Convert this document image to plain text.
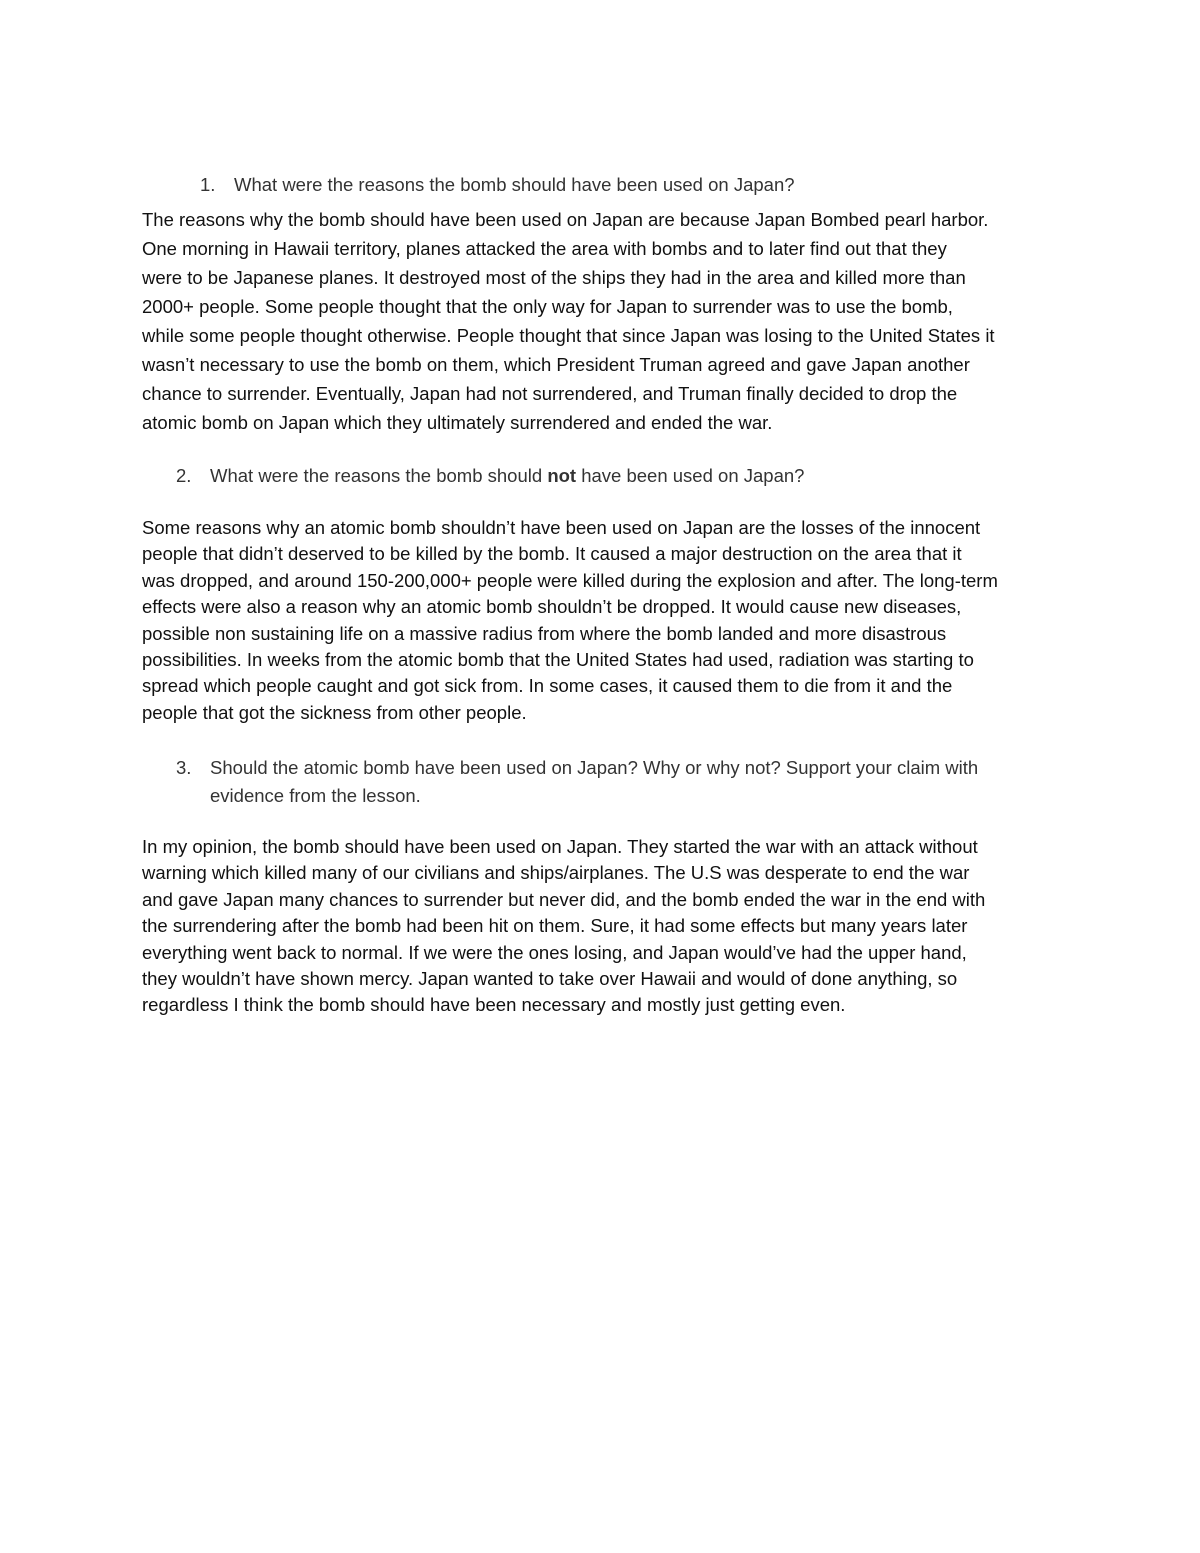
1.	What were the reasons the bomb should have been used on Japan?
The reasons why the bomb should have been used on Japan are because Japan Bombed pearl harbor.
One morning in Hawaii territory, planes attacked the area with bombs and to later find out that they
were to be Japanese planes. It destroyed most of the ships they had in the area and killed more than
2000+ people. Some people thought that the only way for Japan to surrender was to use the bomb,
while some people thought otherwise. People thought that since Japan was losing to the United States it
wasn’t necessary to use the bomb on them, which President Truman agreed and gave Japan another
chance to surrender. Eventually, Japan had not surrendered, and Truman finally decided to drop the
atomic bomb on Japan which they ultimately surrendered and ended the war.
2.	What were the reasons the bomb should not have been used on Japan?
Some reasons why an atomic bomb shouldn’t have been used on Japan are the losses of the innocent
people that didn’t deserved to be killed by the bomb. It caused a major destruction on the area that it
was dropped, and around 150-200,000+ people were killed during the explosion and after. The long-term
effects were also a reason why an atomic bomb shouldn’t be dropped. It would cause new diseases,
possible non sustaining life on a massive radius from where the bomb landed and more disastrous
possibilities. In weeks from the atomic bomb that the United States had used, radiation was starting to
spread which people caught and got sick from. In some cases, it caused them to die from it and the
people that got the sickness from other people.
3.	Should the atomic bomb have been used on Japan? Why or why not? Support your claim with
evidence from the lesson.
In my opinion, the bomb should have been used on Japan. They started the war with an attack without
warning which killed many of our civilians and ships/airplanes. The U.S was desperate to end the war
and gave Japan many chances to surrender but never did, and the bomb ended the war in the end with
the surrendering after the bomb had been hit on them. Sure, it had some effects but many years later
everything went back to normal. If we were the ones losing, and Japan would’ve had the upper hand,
they wouldn’t have shown mercy. Japan wanted to take over Hawaii and would of done anything, so
regardless I think the bomb should have been necessary and mostly just getting even.
